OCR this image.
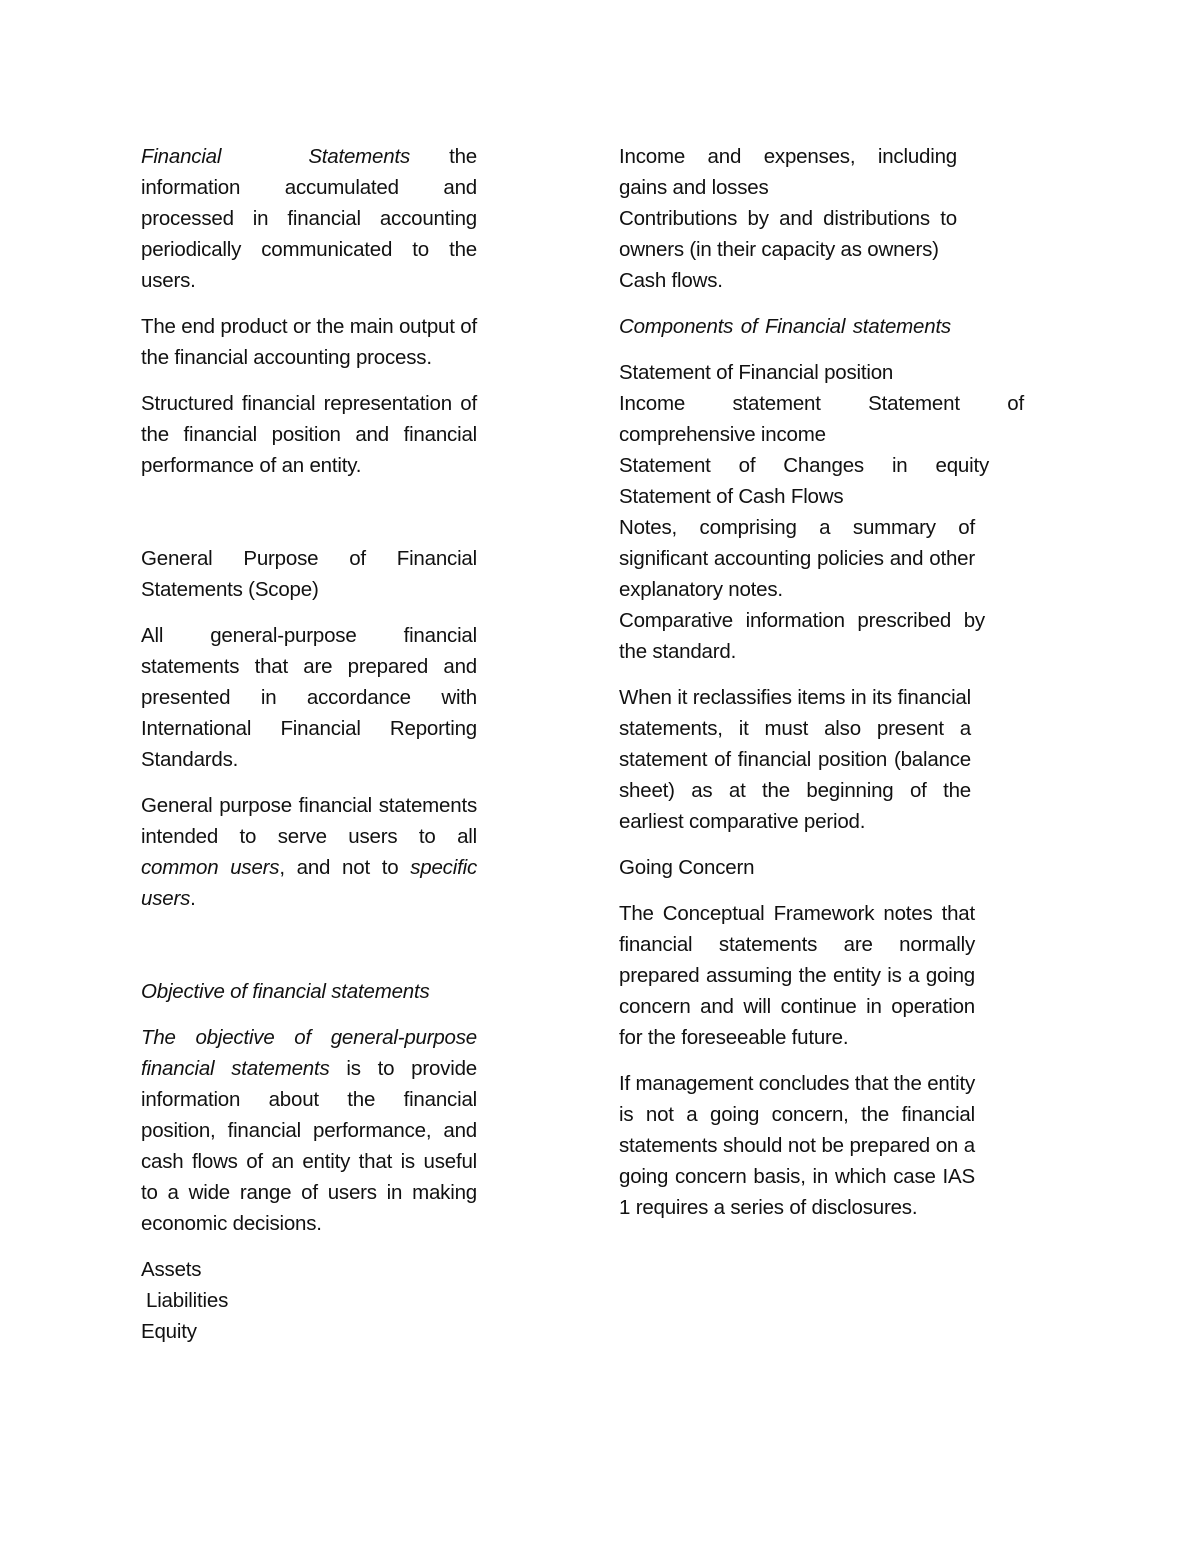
Financial Statements the information accumulated and processed in financial accounting periodically communicated to the users.

The end product or the main output of the financial accounting process.

Structured financial representation of the financial position and financial performance of an entity.

General Purpose of Financial Statements (Scope)

All general-purpose financial statements that are prepared and presented in accordance with International Financial Reporting Standards.

General purpose financial statements intended to serve users to all common users, and not to specific users.

Objective of financial statements

The objective of general-purpose financial statements is to provide information about the financial position, financial performance, and cash flows of an entity that is useful to a wide range of users in making economic decisions.

Assets

Liabilities

Equity

Income and expenses, including gains and losses

Contributions by and distributions to owners (in their capacity as owners)

Cash flows.

Components of Financial statements

Statement of Financial position

Income statement Statement of comprehensive income

Statement of Changes in equity

Statement of Cash Flows

Notes, comprising a summary of significant accounting policies and other explanatory notes.

Comparative information prescribed by the standard.

When it reclassifies items in its financial statements, it must also present a statement of financial position (balance sheet) as at the beginning of the earliest comparative period.

Going Concern

The Conceptual Framework notes that financial statements are normally prepared assuming the entity is a going concern and will continue in operation for the foreseeable future.

If management concludes that the entity is not a going concern, the financial statements should not be prepared on a going concern basis, in which case IAS 1 requires a series of disclosures.
